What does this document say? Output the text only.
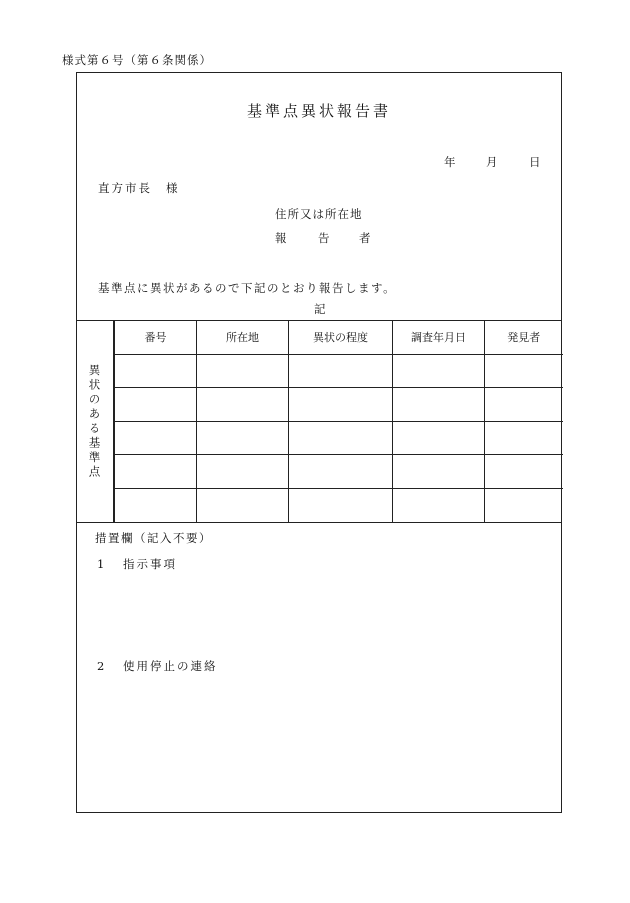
様式第６号（第６条関係）
基準点異状報告書
年	月	日
直方市長 様
住所又は所在地
報	告	者
基準点に異状があるので下記のとおり報告します。
記
異状のある基準点
番号	所在地	異状の程度	調査年月日	発見者

措置欄（記入不要）
1 指示事項
2 使用停止の連絡
